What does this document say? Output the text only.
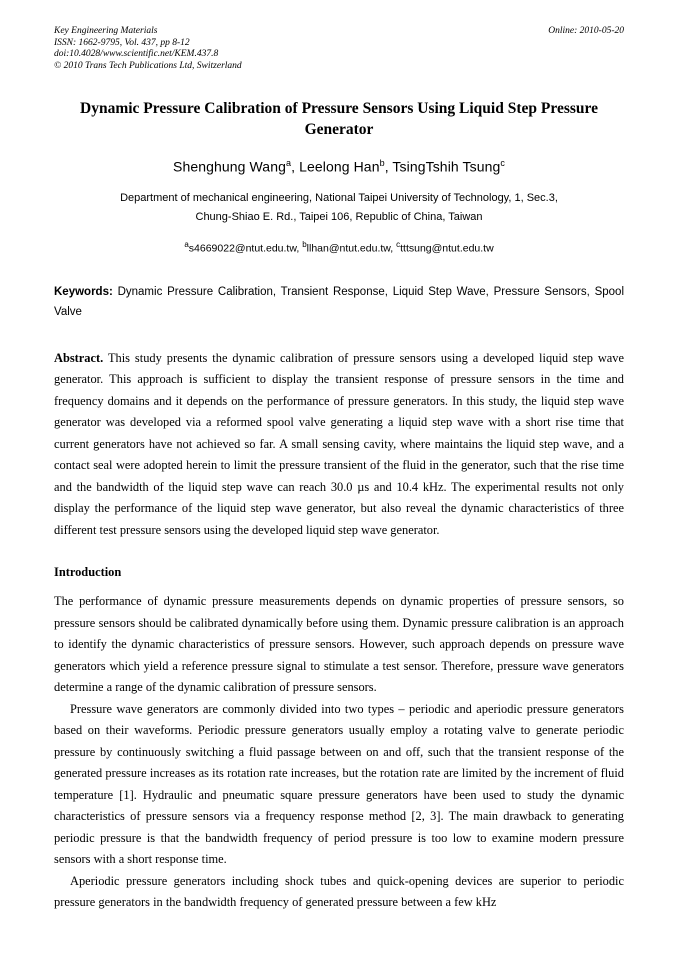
Key Engineering Materials
ISSN: 1662-9795, Vol. 437, pp 8-12
doi:10.4028/www.scientific.net/KEM.437.8
© 2010 Trans Tech Publications Ltd, Switzerland
Online: 2010-05-20
Dynamic Pressure Calibration of Pressure Sensors Using Liquid Step Pressure Generator
Shenghung Wang$^a$, Leelong Han$^b$, TsingTshih Tsung$^c$
Department of mechanical engineering, National Taipei University of Technology, 1, Sec.3,
Chung-Shiao E. Rd., Taipei 106, Republic of China, Taiwan
$^a$s4669022@ntut.edu.tw, $^b$llhan@ntut.edu.tw, $^c$tttsung@ntut.edu.tw
Keywords: Dynamic Pressure Calibration, Transient Response, Liquid Step Wave, Pressure Sensors, Spool Valve
Abstract. This study presents the dynamic calibration of pressure sensors using a developed liquid step wave generator. This approach is sufficient to display the transient response of pressure sensors in the time and frequency domains and it depends on the performance of pressure generators. In this study, the liquid step wave generator was developed via a reformed spool valve generating a liquid step wave with a short rise time that current generators have not achieved so far. A small sensing cavity, where maintains the liquid step wave, and a contact seal were adopted herein to limit the pressure transient of the fluid in the generator, such that the rise time and the bandwidth of the liquid step wave can reach 30.0 µs and 10.4 kHz. The experimental results not only display the performance of the liquid step wave generator, but also reveal the dynamic characteristics of three different test pressure sensors using the developed liquid step wave generator.
Introduction
The performance of dynamic pressure measurements depends on dynamic properties of pressure sensors, so pressure sensors should be calibrated dynamically before using them. Dynamic pressure calibration is an approach to identify the dynamic characteristics of pressure sensors. However, such approach depends on pressure wave generators which yield a reference pressure signal to stimulate a test sensor. Therefore, pressure wave generators determine a range of the dynamic calibration of pressure sensors.
Pressure wave generators are commonly divided into two types – periodic and aperiodic pressure generators based on their waveforms. Periodic pressure generators usually employ a rotating valve to generate periodic pressure by continuously switching a fluid passage between on and off, such that the transient response of the generated pressure increases as its rotation rate increases, but the rotation rate are limited by the increment of fluid temperature [1]. Hydraulic and pneumatic square pressure generators have been used to study the dynamic characteristics of pressure sensors via a frequency response method [2, 3]. The main drawback to generating periodic pressure is that the bandwidth frequency of period pressure is too low to examine modern pressure sensors with a short response time.
Aperiodic pressure generators including shock tubes and quick-opening devices are superior to periodic pressure generators in the bandwidth frequency of generated pressure between a few kHz
